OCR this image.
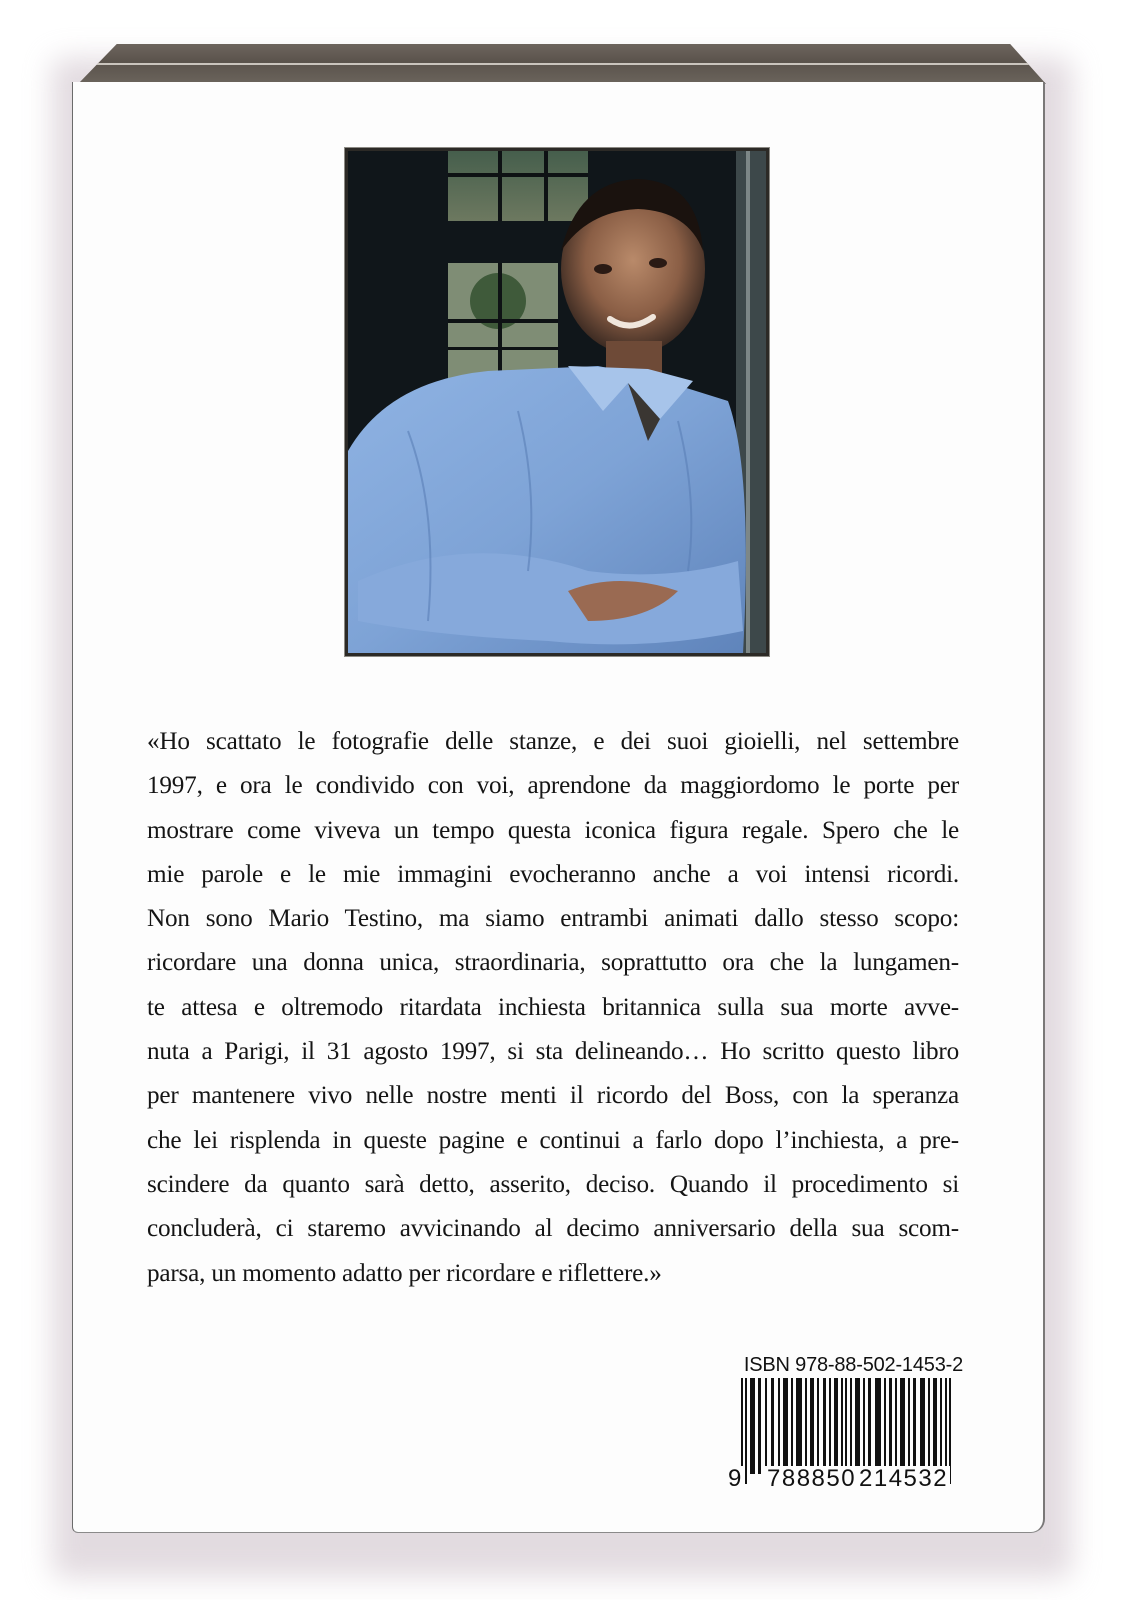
«Ho scattato le fotografie delle stanze, e dei suoi gioielli, nel settembre
1997, e ora le condivido con voi, aprendone da maggiordomo le porte per
mostrare come viveva un tempo questa iconica figura regale. Spero che le
mie parole e le mie immagini evocheranno anche a voi intensi ricordi.
Non sono Mario Testino, ma siamo entrambi animati dallo stesso scopo:
ricordare una donna unica, straordinaria, soprattutto ora che la lungamen-
te attesa e oltremodo ritardata inchiesta britannica sulla sua morte avve-
nuta a Parigi, il 31 agosto 1997, si sta delineando… Ho scritto questo libro
per mantenere vivo nelle nostre menti il ricordo del Boss, con la speranza
che lei risplenda in queste pagine e continui a farlo dopo l’inchiesta, a pre-
scindere da quanto sarà detto, asserito, deciso. Quando il procedimento si
concluderà, ci staremo avvicinando al decimo anniversario della sua scom-
parsa, un momento adatto per ricordare e riflettere.»
ISBN 978-88-502-1453-2
9 788850 214532
